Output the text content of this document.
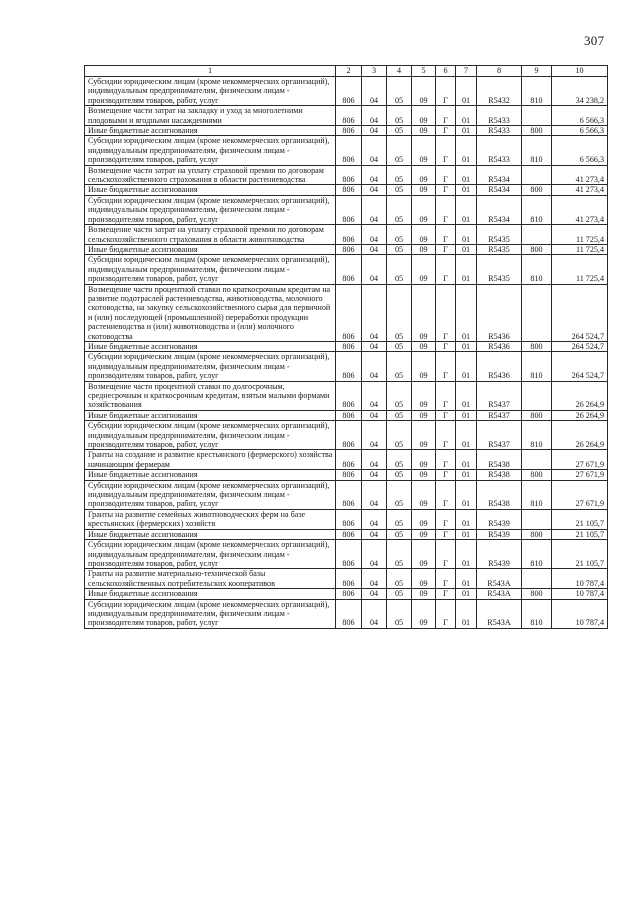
307
1	2	3	4	5	6	7	8	9	10
Субсидии юридическим лицам (кроме некоммерческих организаций), индивидуальным предпринимателям, физическим лицам - производителям товаров, работ, услуг	806	04	05	09	Г	01	R5432	810	34 238,2
Возмещение части затрат на закладку и уход за многолетними плодовыми и ягодными насаждениями	806	04	05	09	Г	01	R5433		6 566,3
Иные бюджетные ассигнования	806	04	05	09	Г	01	R5433	800	6 566,3
Субсидии юридическим лицам (кроме некоммерческих организаций), индивидуальным предпринимателям, физическим лицам - производителям товаров, работ, услуг	806	04	05	09	Г	01	R5433	810	6 566,3
Возмещение части затрат на уплату страховой премии по договорам сельскохозяйственного страхования в области растениеводства	806	04	05	09	Г	01	R5434		41 273,4
Иные бюджетные ассигнования	806	04	05	09	Г	01	R5434	800	41 273,4
Субсидии юридическим лицам (кроме некоммерческих организаций), индивидуальным предпринимателям, физическим лицам - производителям товаров, работ, услуг	806	04	05	09	Г	01	R5434	810	41 273,4
Возмещение части затрат на уплату страховой премии по договорам сельскохозяйственного страхования в области животноводства	806	04	05	09	Г	01	R5435		11 725,4
Иные бюджетные ассигнования	806	04	05	09	Г	01	R5435	800	11 725,4
Субсидии юридическим лицам (кроме некоммерческих организаций), индивидуальным предпринимателям, физическим лицам - производителям товаров, работ, услуг	806	04	05	09	Г	01	R5435	810	11 725,4
Возмещение части процентной ставки по краткосрочным кредитам на развитие подотраслей растениеводства, животноводства, молочного скотоводства, на закупку сельскохозяйственного сырья для первичной и (или) последующей (промышленной) переработки продукции растениеводства и (или) животноводства и (или) молочного скотоводства	806	04	05	09	Г	01	R5436		264 524,7
Иные бюджетные ассигнования	806	04	05	09	Г	01	R5436	800	264 524,7
Субсидии юридическим лицам (кроме некоммерческих организаций), индивидуальным предпринимателям, физическим лицам - производителям товаров, работ, услуг	806	04	05	09	Г	01	R5436	810	264 524,7
Возмещение части процентной ставки по долгосрочным, среднесрочным и краткосрочным кредитам, взятым малыми формами хозяйствования	806	04	05	09	Г	01	R5437		26 264,9
Иные бюджетные ассигнования	806	04	05	09	Г	01	R5437	800	26 264,9
Субсидии юридическим лицам (кроме некоммерческих организаций), индивидуальным предпринимателям, физическим лицам - производителям товаров, работ, услуг	806	04	05	09	Г	01	R5437	810	26 264,9
Гранты на создание и развитие крестьянского (фермерского) хозяйства начинающим фермерам	806	04	05	09	Г	01	R5438		27 671,9
Иные бюджетные ассигнования	806	04	05	09	Г	01	R5438	800	27 671,9
Субсидии юридическим лицам (кроме некоммерческих организаций), индивидуальным предпринимателям, физическим лицам - производителям товаров, работ, услуг	806	04	05	09	Г	01	R5438	810	27 671,9
Гранты на развитие семейных животноводческих ферм на базе крестьянских (фермерских) хозяйств	806	04	05	09	Г	01	R5439		21 105,7
Иные бюджетные ассигнования	806	04	05	09	Г	01	R5439	800	21 105,7
Субсидии юридическим лицам (кроме некоммерческих организаций), индивидуальным предпринимателям, физическим лицам - производителям товаров, работ, услуг	806	04	05	09	Г	01	R5439	810	21 105,7
Гранты на развитие материально-технической базы сельскохозяйственных потребительских кооперативов	806	04	05	09	Г	01	R543A		10 787,4
Иные бюджетные ассигнования	806	04	05	09	Г	01	R543A	800	10 787,4
Субсидии юридическим лицам (кроме некоммерческих организаций), индивидуальным предпринимателям, физическим лицам - производителям товаров, работ, услуг	806	04	05	09	Г	01	R543A	810	10 787,4
